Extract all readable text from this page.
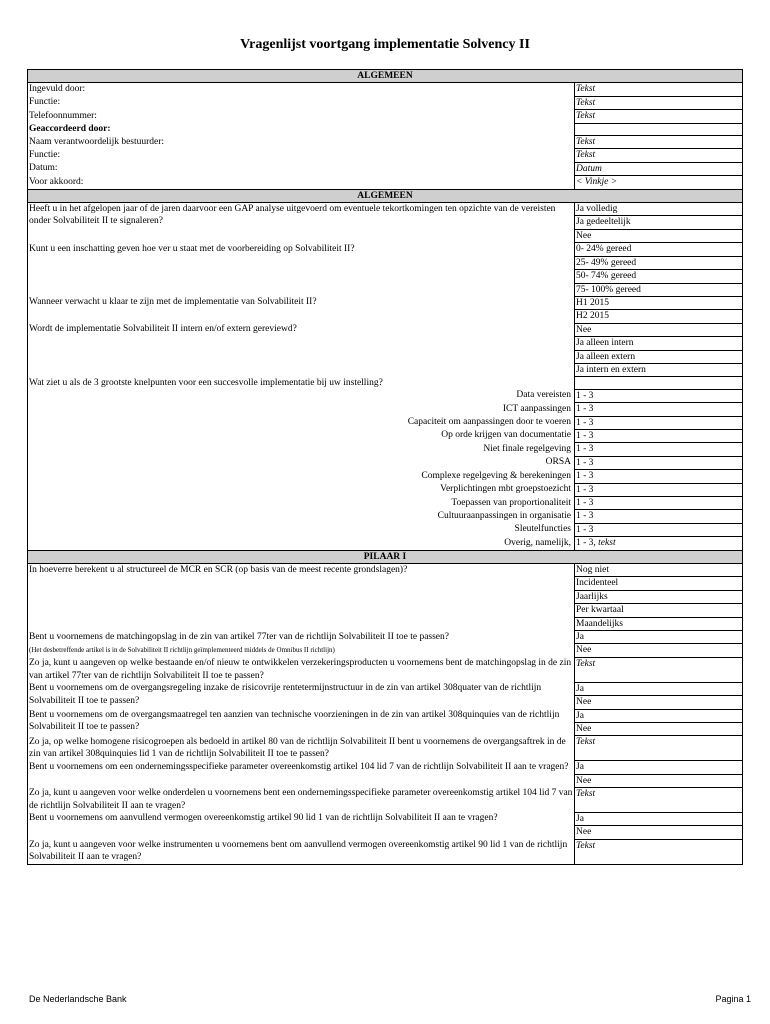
Vragenlijst voortgang implementatie Solvency II
ALGEMEEN	
Ingevuld door:	Tekst
Functie:	Tekst
Telefoonnummer:	Tekst
Geaccordeerd door:	
Naam verantwoordelijk bestuurder:	Tekst
Functie:	Tekst
Datum:	Datum
Voor akkoord:	< Vinkje >
ALGEMEEN	
Heeft u in het afgelopen jaar of de jaren daarvoor een GAP analyse uitgevoerd om eventuele tekortkomingen ten opzichte van de vereisten onder Solvabiliteit II te signaleren?	Ja volledig
	Ja gedeeltelijk
	Nee
Kunt u een inschatting geven hoe ver u staat met de voorbereiding op Solvabiliteit II?	0- 24% gereed
	25- 49% gereed
	50- 74% gereed
	75- 100% gereed
Wanneer verwacht u klaar te zijn met de implementatie van Solvabiliteit II?	H1 2015
	H2 2015
Wordt de implementatie Solvabiliteit II intern en/of extern gereviewd?	Nee
	Ja alleen intern
	Ja alleen extern
	Ja intern en extern
Wat ziet u als de 3 grootste knelpunten voor een succesvolle implementatie bij uw instelling?	
Data vereisten	1 - 3
ICT aanpassingen	1 - 3
Capaciteit om aanpassingen door te voeren	1 - 3
Op orde krijgen van documentatie	1 - 3
Niet finale regelgeving	1 - 3
ORSA	1 - 3
Complexe regelgeving & berekeningen	1 - 3
Verplichtingen mbt groepstoezicht	1 - 3
Toepassen van proportionaliteit	1 - 3
Cultuuraanpassingen in organisatie	1 - 3
Sleutelfuncties	1 - 3
Overig, namelijk,	1 - 3, tekst
PILAAR I	
In hoeverre berekent u al structureel de MCR en SCR (op basis van de meest recente grondslagen)?	Nog niet
	Incidenteel
	Jaarlijks
	Per kwartaal
	Maandelijks
Bent u voornemens de matchingopslag in de zin van artikel 77ter van de richtlijn Solvabiliteit II toe te passen?	Ja
(Het desbetreffende artikel is in de Solvabiliteit II richtlijn geïmplementeerd middels de Omnibus II richtlijn)	Nee
Zo ja, kunt u aangeven op welke bestaande en/of nieuw te ontwikkelen verzekeringsproducten u voornemens bent de matchingopslag in de zin van artikel 77ter van de richtlijn Solvabiliteit II toe te passen?	Tekst
Bent u voornemens om de overgangsregeling inzake de risicovrije rentetermijnstructuur in de zin van artikel 308quater van de richtlijn Solvabiliteit II toe te passen?	Ja
	Nee
Bent u voornemens om de overgangsmaatregel ten aanzien van technische voorzieningen in de zin van artikel 308quinquies van de richtlijn Solvabiliteit II toe te passen?	Ja
	Nee
Zo ja, op welke homogene risicogroepen als bedoeld in artikel 80 van de richtlijn Solvabiliteit II bent u voornemens de overgangsaftrek in de zin van artikel 308quinquies lid 1 van de richtlijn Solvabiliteit II toe te passen?	Tekst
Bent u voornemens om een ondernemingsspecifieke parameter overeenkomstig artikel 104 lid 7 van de richtlijn Solvabiliteit II aan te vragen?	Ja
	Nee
Zo ja, kunt u aangeven voor welke onderdelen u voornemens bent een ondernemingsspecifieke parameter overeenkomstig artikel 104 lid 7 van de richtlijn Solvabiliteit II aan te vragen?	Tekst
Bent u voornemens om aanvullend vermogen overeenkomstig artikel 90 lid 1 van de richtlijn Solvabiliteit II aan te vragen?	Ja
	Nee
Zo ja, kunt u aangeven voor welke instrumenten u voornemens bent om aanvullend vermogen overeenkomstig artikel 90 lid 1 van de richtlijn Solvabiliteit II aan te vragen?	Tekst
De Nederlandsche Bank	Pagina 1
